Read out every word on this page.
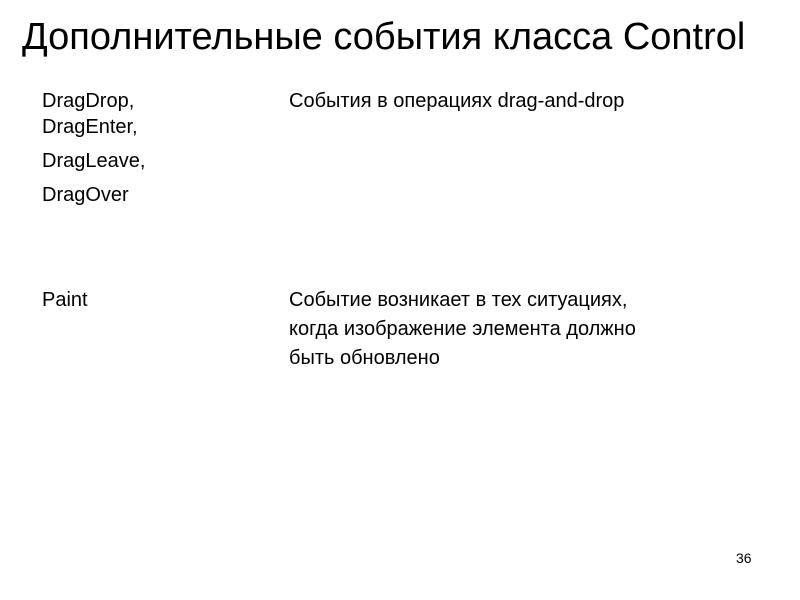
Дополнительные события класса Control
DragDrop,
DragEnter,
DragLeave,
DragOver
События в операциях drag-and-drop
Paint	Событие возникает в тех ситуациях,
когда изображение элемента должно
быть обновлено
36
